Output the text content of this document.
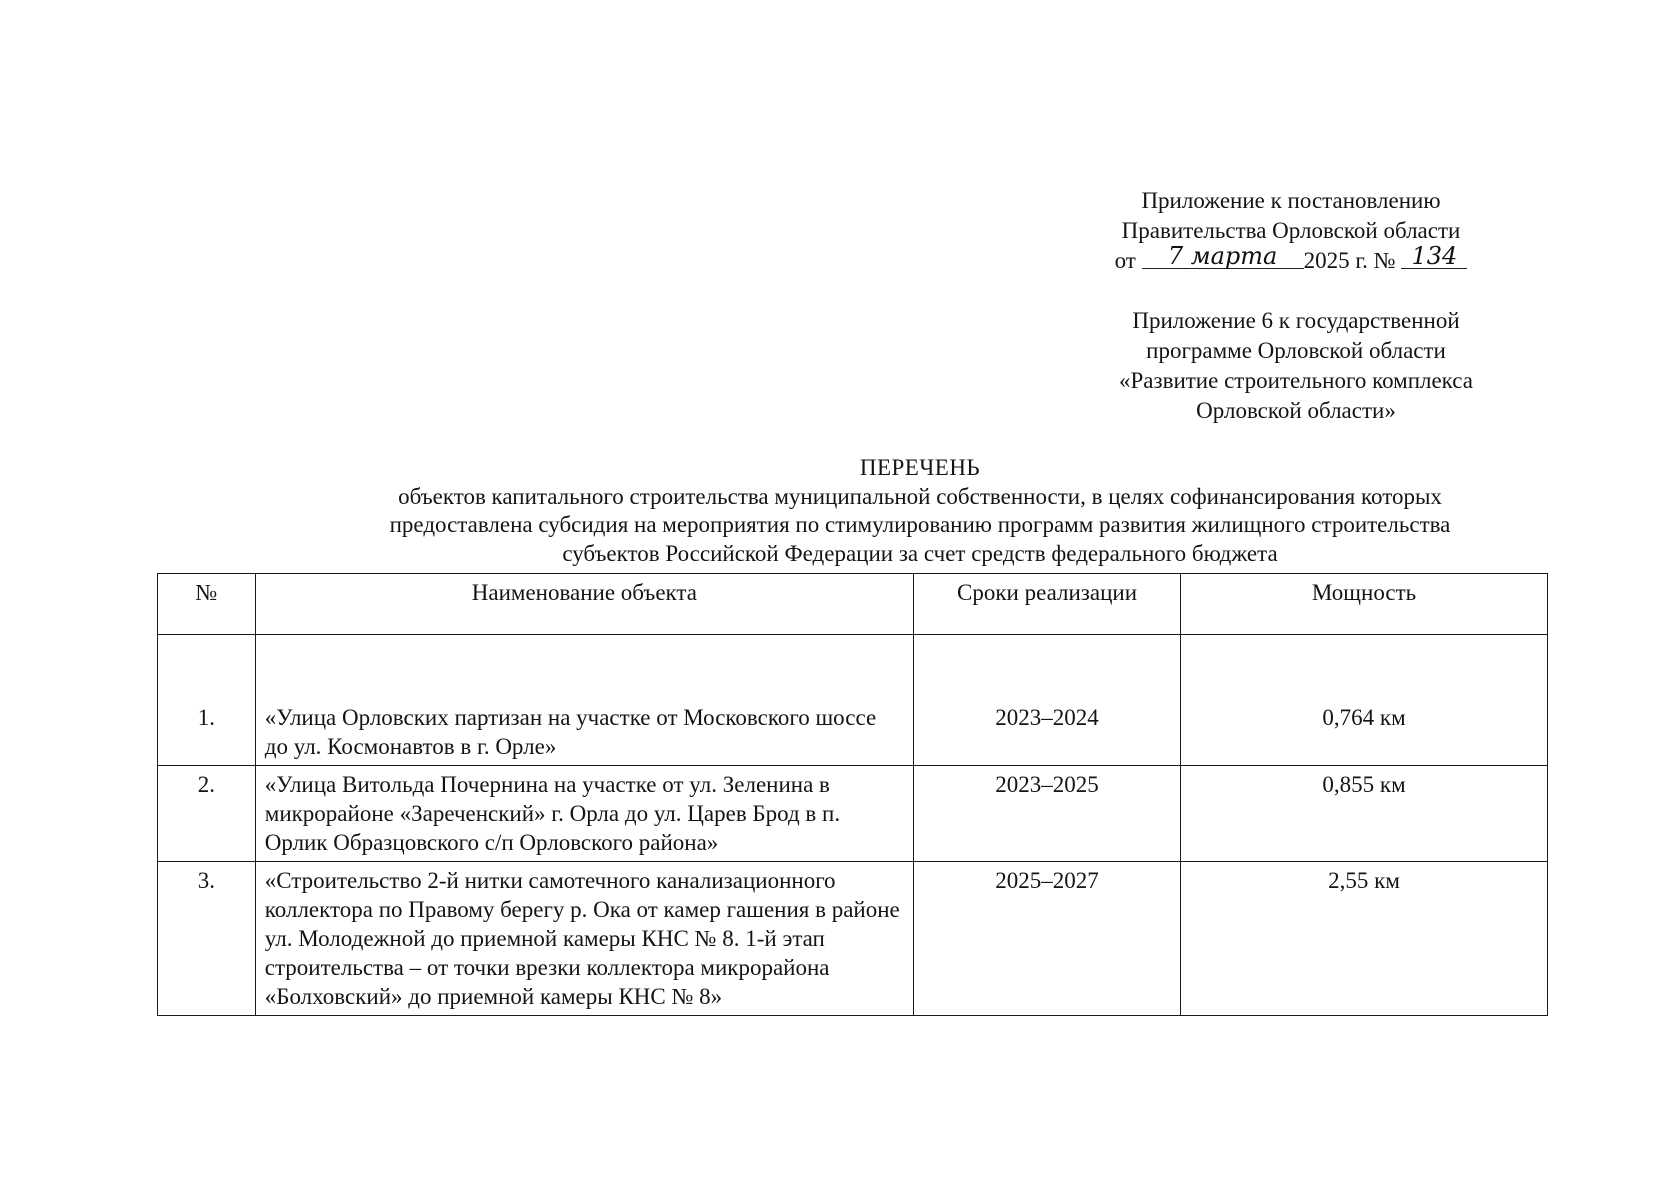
Приложение к постановлению
Правительства Орловской области
от 7 марта 2025 г. № 134
Приложение 6 к государственной
программе Орловской области
«Развитие строительного комплекса
Орловской области»
ПЕРЕЧЕНЬ
объектов капитального строительства муниципальной собственности, в целях софинансирования которых
предоставлена субсидия на мероприятия по стимулированию программ развития жилищного строительства
субъектов Российской Федерации за счет средств федерального бюджета
№	Наименование объекта	Сроки реализации	Мощность
1.	«Улица Орловских партизан на участке от Московского шоссе до ул. Космонавтов в г. Орле»	2023–2024	0,764 км
2.	«Улица Витольда Почернина на участке от ул. Зеленина в микрорайоне «Зареченский» г. Орла до ул. Царев Брод в п. Орлик Образцовского с/п Орловского района»	2023–2025	0,855 км
3.	«Строительство 2-й нитки самотечного канализационного коллектора по Правому берегу р. Ока от камер гашения в районе ул. Молодежной до приемной камеры КНС № 8. 1-й этап строительства – от точки врезки коллектора микрорайона «Болховский» до приемной камеры КНС № 8»	2025–2027	2,55 км
